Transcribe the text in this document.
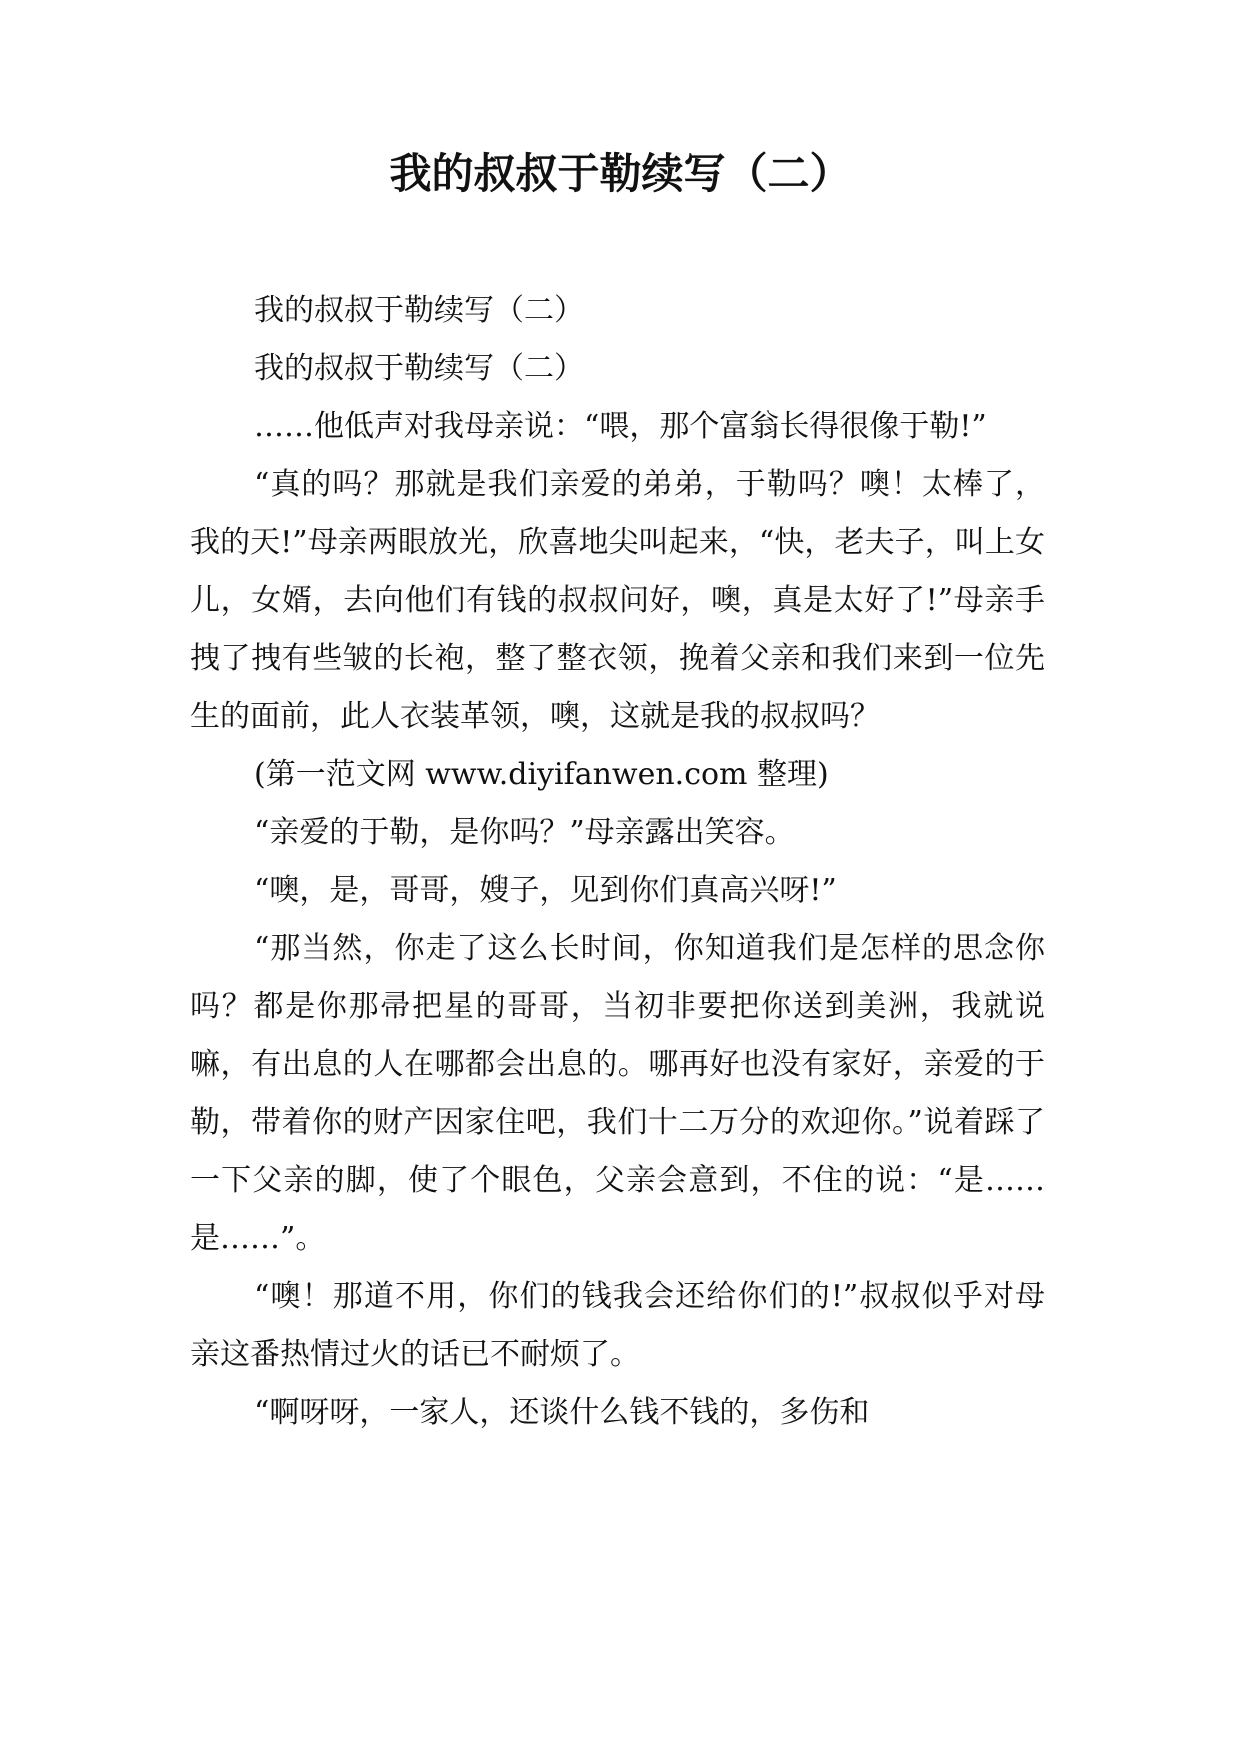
我的叔叔于勒续写（二）

我的叔叔于勒续写（二）

我的叔叔于勒续写（二）

……他低声对我母亲说：“喂，那个富翁长得很像于勒!”

“真的吗？那就是我们亲爱的弟弟，于勒吗？噢！太棒了，我的天!”母亲两眼放光，欣喜地尖叫起来，“快，老夫子，叫上女儿，女婿，去向他们有钱的叔叔问好，噢，真是太好了!”母亲手拽了拽有些皱的长袍，整了整衣领，挽着父亲和我们来到一位先生的面前，此人衣装革领，噢，这就是我的叔叔吗？

(第一范文网 www.diyifanwen.com 整理)

“亲爱的于勒，是你吗？”母亲露出笑容。

“噢，是，哥哥，嫂子，见到你们真高兴呀!”

“那当然，你走了这么长时间，你知道我们是怎样的思念你吗？都是你那帚把星的哥哥，当初非要把你送到美洲，我就说嘛，有出息的人在哪都会出息的。哪再好也没有家好，亲爱的于勒，带着你的财产因家住吧，我们十二万分的欢迎你。”说着踩了一下父亲的脚，使了个眼色，父亲会意到，不住的说：“是……是……”。

“噢！那道不用，你们的钱我会还给你们的!”叔叔似乎对母亲这番热情过火的话已不耐烦了。

“啊呀呀，一家人，还谈什么钱不钱的，多伤和
